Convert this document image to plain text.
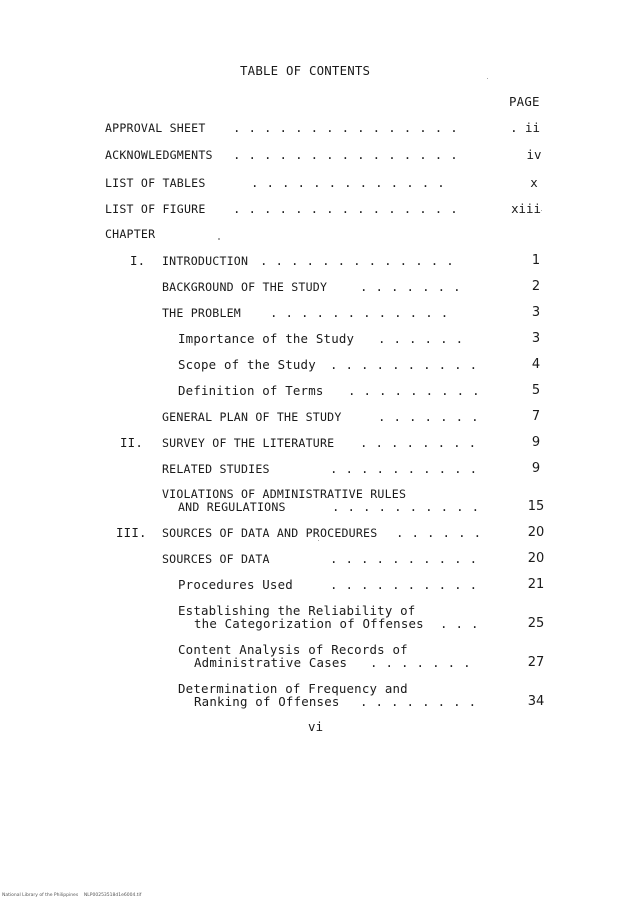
TABLE OF CONTENTS
PAGE
APPROVAL SHEET . . . . . . . . . . . . . . .	. ii
ACKNOWLEDGMENTS . . . . . . . . . . . . . . .	iv
LIST OF TABLES	. . . . . . . . . . . . .	x
LIST OF FIGURE . . . . . . . . . . . . . . .	xiii
CHAPTER
I. INTRODUCTION . . . . . . . . . . . . .	1
BACKGROUND OF THE STUDY	. . . . . . .	2
THE PROBLEM . . . . . . . . . . . .	3
Importance of the Study . . . . . .	3
Scope of the Study . . . . . . . . . .	4
Definition of Terms . . . . . . . . .	5
GENERAL PLAN OF THE STUDY	. . . . . . .	7
II. SURVEY OF THE LITERATURE . . . . . . . .	9
RELATED STUDIES	. . . . . . . . . .	9
VIOLATIONS OF ADMINISTRATIVE RULES
AND REGULATIONS	. . . . . . . . . .	15
III. SOURCES OF DATA AND PROCEDURES . . . . . .	20
SOURCES OF DATA	. . . . . . . . . .	20
Procedures Used	. . . . . . . . . .	21
Establishing the Reliability of
the Categorization of Offenses . . .	25
Content Analysis of Records of
Administrative Cases . . . . . . .	27
Determination of Frequency and
Ranking of Offenses . . . . . . . .	34
vi
National Library of the Philippines    NLP00253518d1e6004.tif
